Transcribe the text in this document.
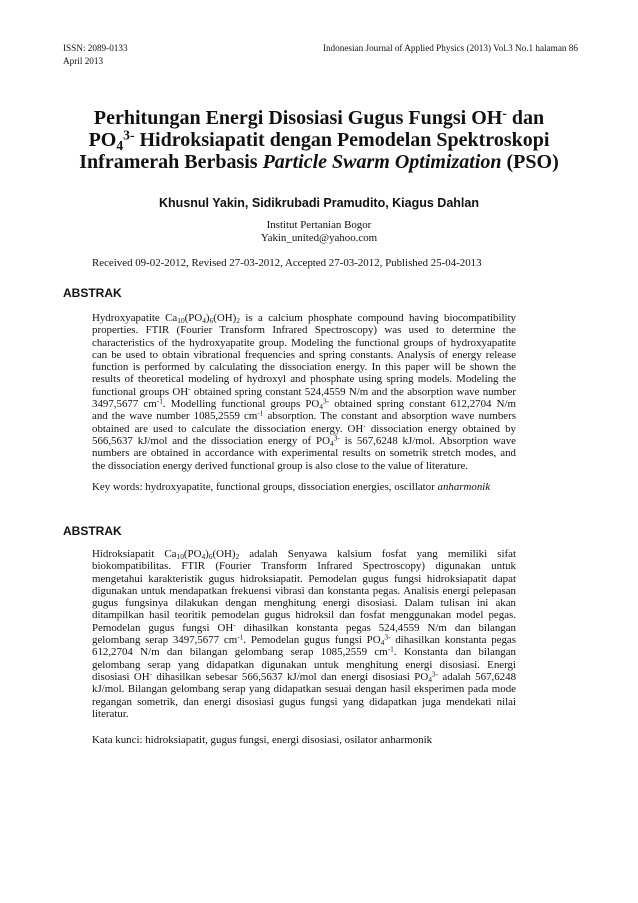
ISSN: 2089-0133
April 2013
Indonesian Journal of Applied Physics (2013) Vol.3 No.1 halaman 86
Perhitungan Energi Disosiasi Gugus Fungsi OH- dan
$PO4^{3-}$ Hidroksiapatit dengan Pemodelan Spektroskopi
Inframerah Berbasis Particle Swarm Optimization (PSO)
Khusnul Yakin, Sidikrubadi Pramudito, Kiagus Dahlan
Institut Pertanian Bogor
Yakin_united@yahoo.com
Received 09-02-2012, Revised 27-03-2012, Accepted 27-03-2012, Published 25-04-2013
ABSTRAK
Hydroxyapatite Ca10(PO4)6(OH)2 is a calcium phosphate compound having biocompatibility
properties. FTIR (Fourier Transform Infrared Spectroscopy) was used to determine the
characteristics of the hydroxyapatite group. Modeling the functional groups of hydroxyapatite
can be used to obtain vibrational frequencies and spring constants. Analysis of energy release
function is performed by calculating the dissociation energy. In this paper will be shown the
results of theoretical modeling of hydroxyl and phosphate using spring models. Modeling the
functional groups OH- obtained spring constant 524,4559 N/m and the absorption wave number
3497,5677 $cm^{-1}$. Modelling functional groups $PO4^{3-}$ obtained spring constant 612,2704 N/m
and the wave number 1085,2559 $cm^{-1}$ absorption. The constant and absorption wave numbers
obtained are used to calculate the dissociation energy. OH- dissociation energy obtained by
566,5637 kJ/mol and the dissociation energy of $PO4^{3-}$ is 567,6248 kJ/mol. Absorption wave
numbers are obtained in accordance with experimental results on sometrik stretch modes, and
the dissociation energy derived functional group is also close to the value of literature.
Key words: hydroxyapatite, functional groups, dissociation energies, oscillator anharmonik
ABSTRAK
Hidroksiapatit Ca10(PO4)6(OH)2 adalah Senyawa kalsium fosfat yang memiliki sifat
biokompatibilitas. FTIR (Fourier Transform Infrared Spectroscopy) digunakan untuk
mengetahui karakteristik gugus hidroksiapatit. Pemodelan gugus fungsi hidroksiapatit dapat
digunakan untuk mendapatkan frekuensi vibrasi dan konstanta pegas. Analisis energi pelepasan
gugus fungsinya dilakukan dengan menghitung energi disosiasi. Dalam tulisan ini akan
ditampilkan hasil teoritik pemodelan gugus hidroksil dan fosfat menggunakan model pegas.
Pemodelan gugus fungsi OH- dihasilkan konstanta pegas 524,4559 N/m dan bilangan
gelombang serap 3497,5677 $cm^{-1}$. Pemodelan gugus fungsi $PO4^{3-}$ dihasilkan konstanta pegas
612,2704 N/m dan bilangan gelombang serap 1085,2559 $cm^{-1}$. Konstanta dan bilangan
gelombang serap yang didapatkan digunakan untuk menghitung energi disosiasi. Energi
disosiasi OH- dihasilkan sebesar 566,5637 kJ/mol dan energi disosiasi $PO4^{3-}$ adalah 567,6248
kJ/mol. Bilangan gelombang serap yang didapatkan sesuai dengan hasil eksperimen pada mode
regangan sometrik, dan energi disosiasi gugus fungsi yang didapatkan juga mendekati nilai
literatur.
Kata kunci: hidroksiapatit, gugus fungsi, energi disosiasi, osilator anharmonik
